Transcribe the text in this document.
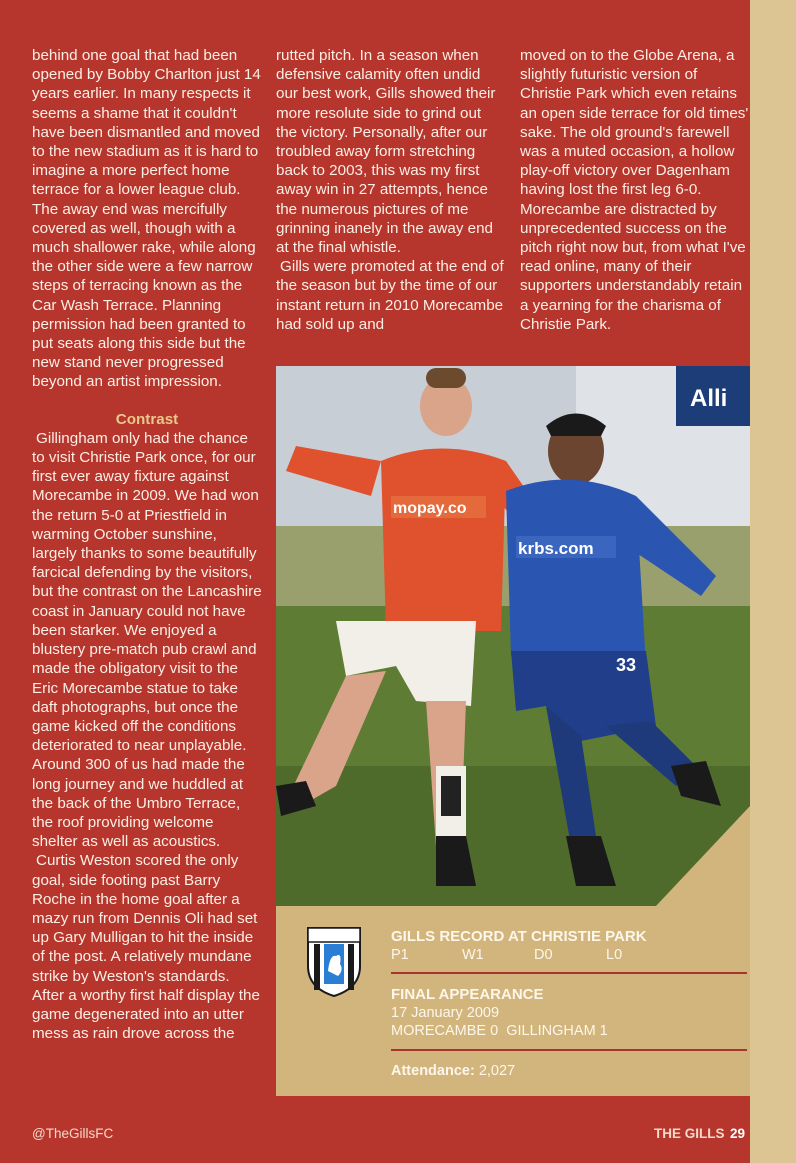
behind one goal that had been opened by Bobby Charlton just 14 years earlier. In many respects it seems a shame that it couldn't have been dismantled and moved to the new stadium as it is hard to imagine a more perfect home terrace for a lower league club. The away end was mercifully covered as well, though with a much shallower rake, while along the other side were a few narrow steps of terracing known as the Car Wash Terrace. Planning permission had been granted to put seats along this side but the new stand never progressed beyond an artist impression.

Contrast

Gillingham only had the chance to visit Christie Park once, for our first ever away fixture against Morecambe in 2009. We had won the return 5-0 at Priestfield in warming October sunshine, largely thanks to some beautifully farcical defending by the visitors, but the contrast on the Lancashire coast in January could not have been starker. We enjoyed a blustery pre-match pub crawl and made the obligatory visit to the Eric Morecambe statue to take daft photographs, but once the game kicked off the conditions deteriorated to near unplayable. Around 300 of us had made the long journey and we huddled at the back of the Umbro Terrace, the roof providing welcome shelter as well as acoustics.

Curtis Weston scored the only goal, side footing past Barry Roche in the home goal after a mazy run from Dennis Oli had set up Gary Mulligan to hit the inside of the post. A relatively mundane strike by Weston's standards. After a worthy first half display the game degenerated into an utter mess as rain drove across the

rutted pitch. In a season when defensive calamity often undid our best work, Gills showed their more resolute side to grind out the victory. Personally, after our troubled away form stretching back to 2003, this was my first away win in 27 attempts, hence the numerous pictures of me grinning inanely in the away end at the final whistle.

Gills were promoted at the end of the season but by the time of our instant return in 2010 Morecambe had sold up and

moved on to the Globe Arena, a slightly futuristic version of Christie Park which even retains an open side terrace for old times' sake. The old ground's farewell was a muted occasion, a hollow play-off victory over Dagenham having lost the first leg 6-0. Morecambe are distracted by unprecedented success on the pitch right now but, from what I've read online, many of their supporters understandably retain a yearning for the charisma of Christie Park.

Alli
mopay.co
krbs.com
33
GILLS RECORD AT CHRISTIE PARK
P1	W1	D0	L0
FINAL APPEARANCE
17 January 2009
MORECAMBE 0  GILLINGHAM 1
Attendance: 2,027
@TheGillsFC	THE GILLS 29
